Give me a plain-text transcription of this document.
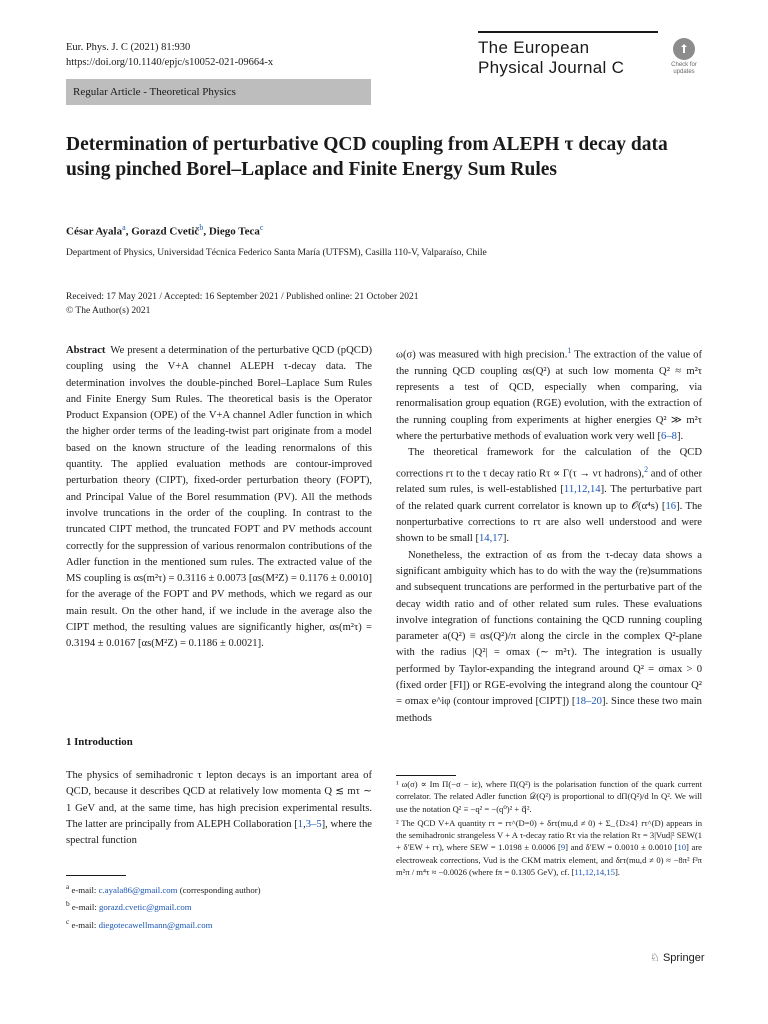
Eur. Phys. J. C (2021) 81:930
https://doi.org/10.1140/epjc/s10052-021-09664-x
The European
Physical Journal C	Check for
updates
Regular Article - Theoretical Physics
Determination of perturbative QCD coupling from ALEPH τ decay data using pinched Borel–Laplace and Finite Energy Sum Rules
César Ayala$^a$, Gorazd Cvetič$^b$, Diego Teca$^c$
Department of Physics, Universidad Técnica Federico Santa María (UTFSM), Casilla 110-V, Valparaíso, Chile
Received: 17 May 2021 / Accepted: 16 September 2021 / Published online: 21 October 2021
© The Author(s) 2021
Abstract We present a determination of the perturbative QCD (pQCD) coupling using the V+A channel ALEPH τ-decay data. The determination involves the double-pinched Borel–Laplace Sum Rules and Finite Energy Sum Rules. The theoretical basis is the Operator Product Expansion (OPE) of the V+A channel Adler function in which the higher order terms of the leading-twist part originate from a model based on the known structure of the leading renormalons of this quantity. The applied evaluation methods are contour-improved perturbation theory (CIPT), fixed-order perturbation theory (FOPT), and Principal Value of the Borel resummation (PV). All the methods involve truncations in the order of the coupling. In contrast to the truncated CIPT method, the truncated FOPT and PV methods account correctly for the suppression of various renormalon contributions of the Adler function in the mentioned sum rules. The extracted value of the MS coupling is αs(m²τ) = 0.3116 ± 0.0073 [αs(M²Z) = 0.1176 ± 0.0010] for the average of the FOPT and PV methods, which we regard as our main result. On the other hand, if we include in the average also the CIPT method, the resulting values are significantly higher, αs(m²τ) = 0.3194 ± 0.0167 [αs(M²Z) = 0.1186 ± 0.0021].
1 Introduction
The physics of semihadronic τ lepton decays is an important area of QCD, because it describes QCD at relatively low momenta Q ≲ mτ ∼ 1 GeV and, at the same time, has high precision experimental results. The latter are principally from ALEPH Collaboration [1,3–5], where the spectral function
$^a$ e-mail: c.ayala86@gmail.com (corresponding author)
$^b$ e-mail: gorazd.cvetic@gmail.com
$^c$ e-mail: diegotecawellmann@gmail.com

ω(σ) was measured with high precision.$^1$ The extraction of the value of the running QCD coupling αs(Q²) at such low momenta Q² ≈ m²τ represents a test of QCD, especially when comparing, via renormalisation group equation (RGE) evolution, with the extraction of the running coupling from experiments at higher energies Q² ≫ m²τ where the perturbative methods of evaluation work very well [6–8].

The theoretical framework for the calculation of the QCD corrections rτ to the τ decay ratio Rτ ∝ Γ(τ → ντ hadrons),$^2$ and of other related sum rules, is well-established [11,12,14]. The perturbative part of the related quark current correlator is known up to 𝒪(α⁴s) [16]. The nonperturbative corrections to rτ are also well understood and were shown to be small [14,17].

Nonetheless, the extraction of αs from the τ-decay data shows a significant ambiguity which has to do with the way the (re)summations and subsequent truncations are performed in the perturbative part of the decay width ratio and of other related sum rules. These evaluations involve integration of functions containing the QCD running coupling parameter a(Q²) ≡ αs(Q²)/π along the circle in the complex Q²-plane with the radius |Q²| = σmax (∼ m²τ). The integration is usually performed by Taylor-expanding the integrand around Q² = σmax > 0 (fixed order [FI]) or RGE-evolving the integrand along the countour Q² = σmax e^iφ (contour improved [CIPT]) [18–20]. Since these two main methods

¹ ω(σ) ∝ Im Π(−σ − iε), where Π(Q²) is the polarisation function of the quark current correlator. The related Adler function 𝒟(Q²) is proportional to dΠ(Q²)/d ln Q². We will use the notation Q² ≡ −q² = −(q⁰)² + q⃗².

² The QCD V+A quantity rτ = rτ^(D=0) + δrτ(mu,d ≠ 0) + Σ_{D≥4} rτ^(D) appears in the semihadronic strangeless V + A τ-decay ratio Rτ via the relation Rτ = 3|Vud|² SEW(1 + δ′EW + rτ), where SEW = 1.0198 ± 0.0006 [9] and δ′EW = 0.0010 ± 0.0010 [10] are electroweak corrections, Vud is the CKM matrix element, and δrτ(mu,d ≠ 0) ≈ −8π² f²π m²π / m⁴τ ≈ −0.0026 (where fπ = 0.1305 GeV), cf. [11,12,14,15].

♘ Springer
